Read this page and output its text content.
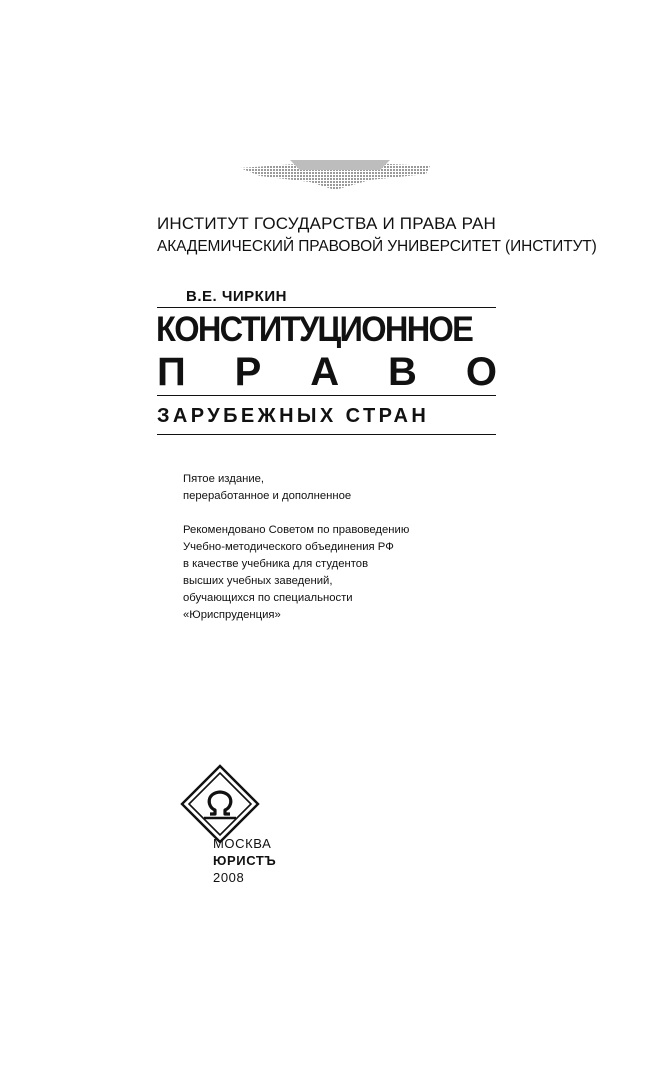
ИНСТИТУТ ГОСУДАРСТВА И ПРАВА РАН
АКАДЕМИЧЕСКИЙ ПРАВОВОЙ УНИВЕРСИТЕТ (ИНСТИТУТ)
В.Е. ЧИРКИН
КОНСТИТУЦИОННОЕ
П Р А В О
ЗАРУБЕЖНЫХ СТРАН
Пятое издание,
переработанное и дополненное
Рекомендовано Советом по правоведению
Учебно-методического объединения РФ
в качестве учебника для студентов
высших учебных заведений,
обучающихся по специальности
«Юриспруденция»
МОСКВА
ЮРИСТЪ
2008
